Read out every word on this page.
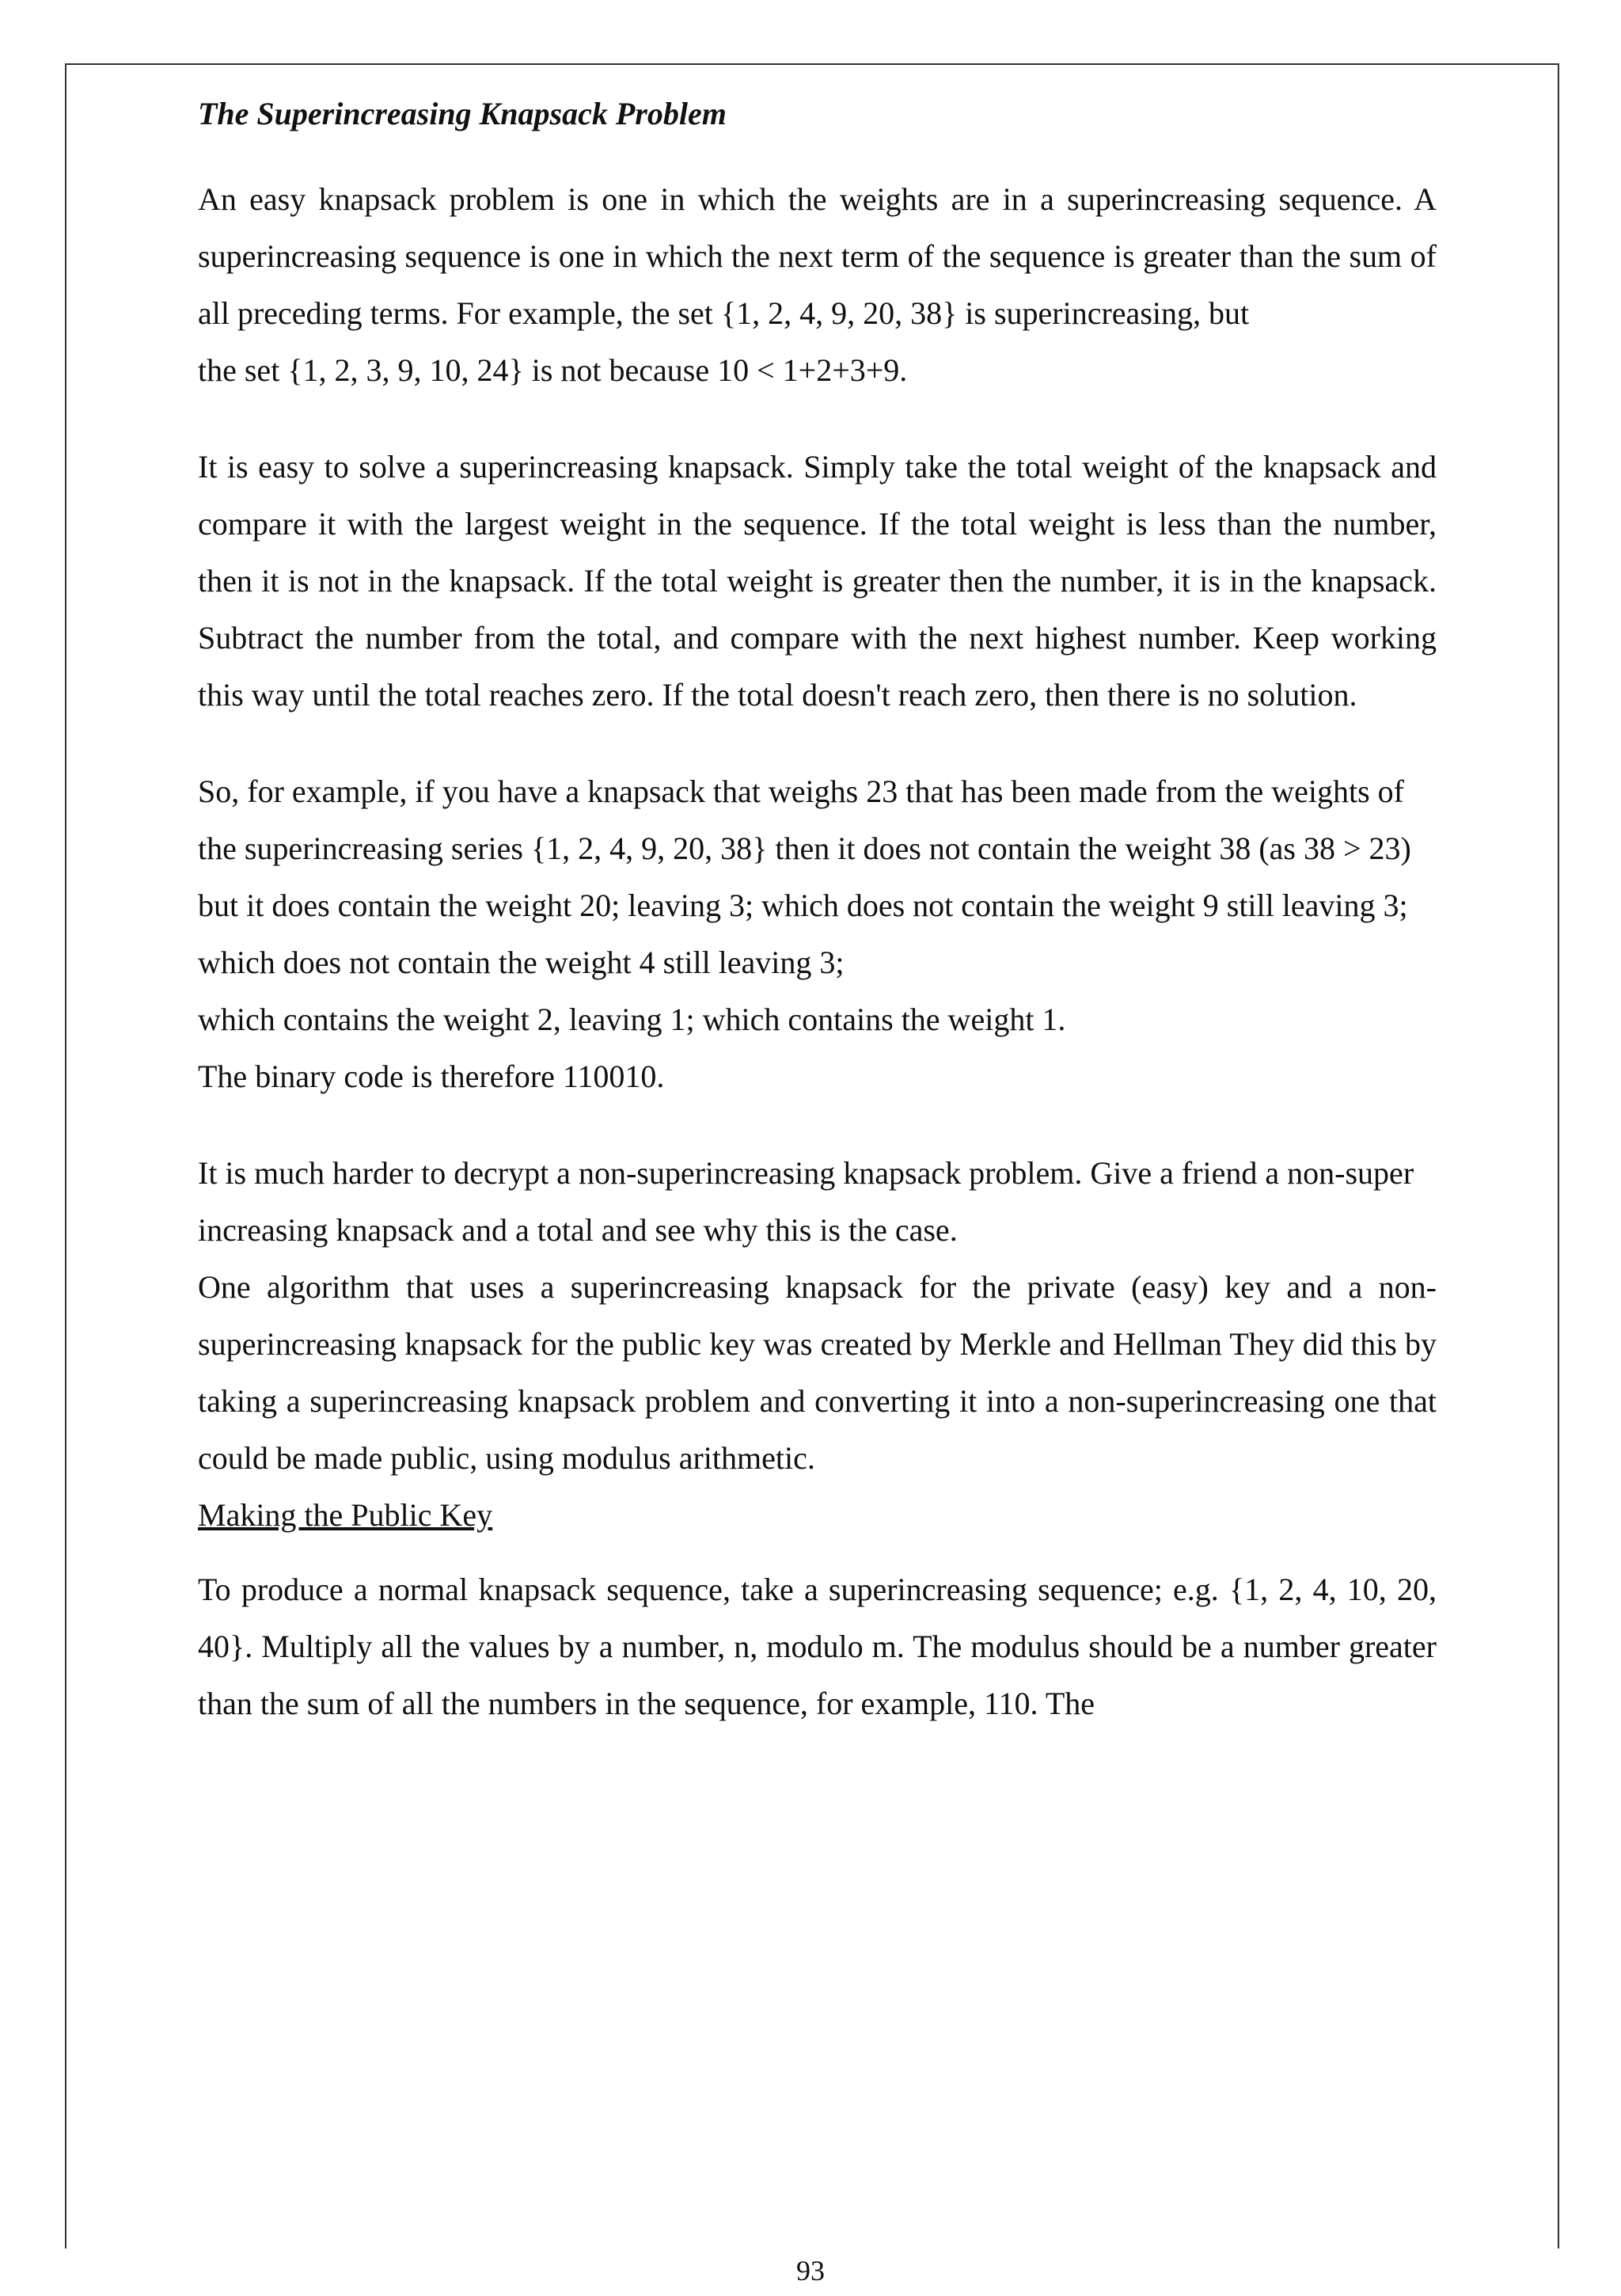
The Superincreasing Knapsack Problem

An easy knapsack problem is one in which the weights are in a superincreasing sequence. A superincreasing sequence is one in which the next term of the sequence is greater than the sum of all preceding terms. For example, the set {1, 2, 4, 9, 20, 38} is superincreasing, but

the set {1, 2, 3, 9, 10, 24} is not because 10 < 1+2+3+9.

It is easy to solve a superincreasing knapsack. Simply take the total weight of the knapsack and compare it with the largest weight in the sequence. If the total weight is less than the number, then it is not in the knapsack. If the total weight is greater then the number, it is in the knapsack. Subtract the number from the total, and compare with the next highest number. Keep working this way until the total reaches zero. If the total doesn't reach zero, then there is no solution.

So, for example, if you have a knapsack that weighs 23 that has been made from the weights of the superincreasing series {1, 2, 4, 9, 20, 38} then it does not contain the weight 38 (as 38 > 23)

but it does contain the weight 20; leaving 3; which does not contain the weight 9 still leaving 3; which does not contain the weight 4 still leaving 3;

which contains the weight 2, leaving 1; which contains the weight 1.

The binary code is therefore 110010.

It is much harder to decrypt a non-superincreasing knapsack problem. Give a friend a non-super increasing knapsack and a total and see why this is the case.

One algorithm that uses a superincreasing knapsack for the private (easy) key and a non-superincreasing knapsack for the public key was created by Merkle and Hellman They did this by taking a superincreasing knapsack problem and converting it into a non-superincreasing one that could be made public, using modulus arithmetic.

Making the Public Key

To produce a normal knapsack sequence, take a superincreasing sequence; e.g. {1, 2, 4, 10, 20, 40}. Multiply all the values by a number, n, modulo m. The modulus should be a number greater than the sum of all the numbers in the sequence, for example, 110. The

93
